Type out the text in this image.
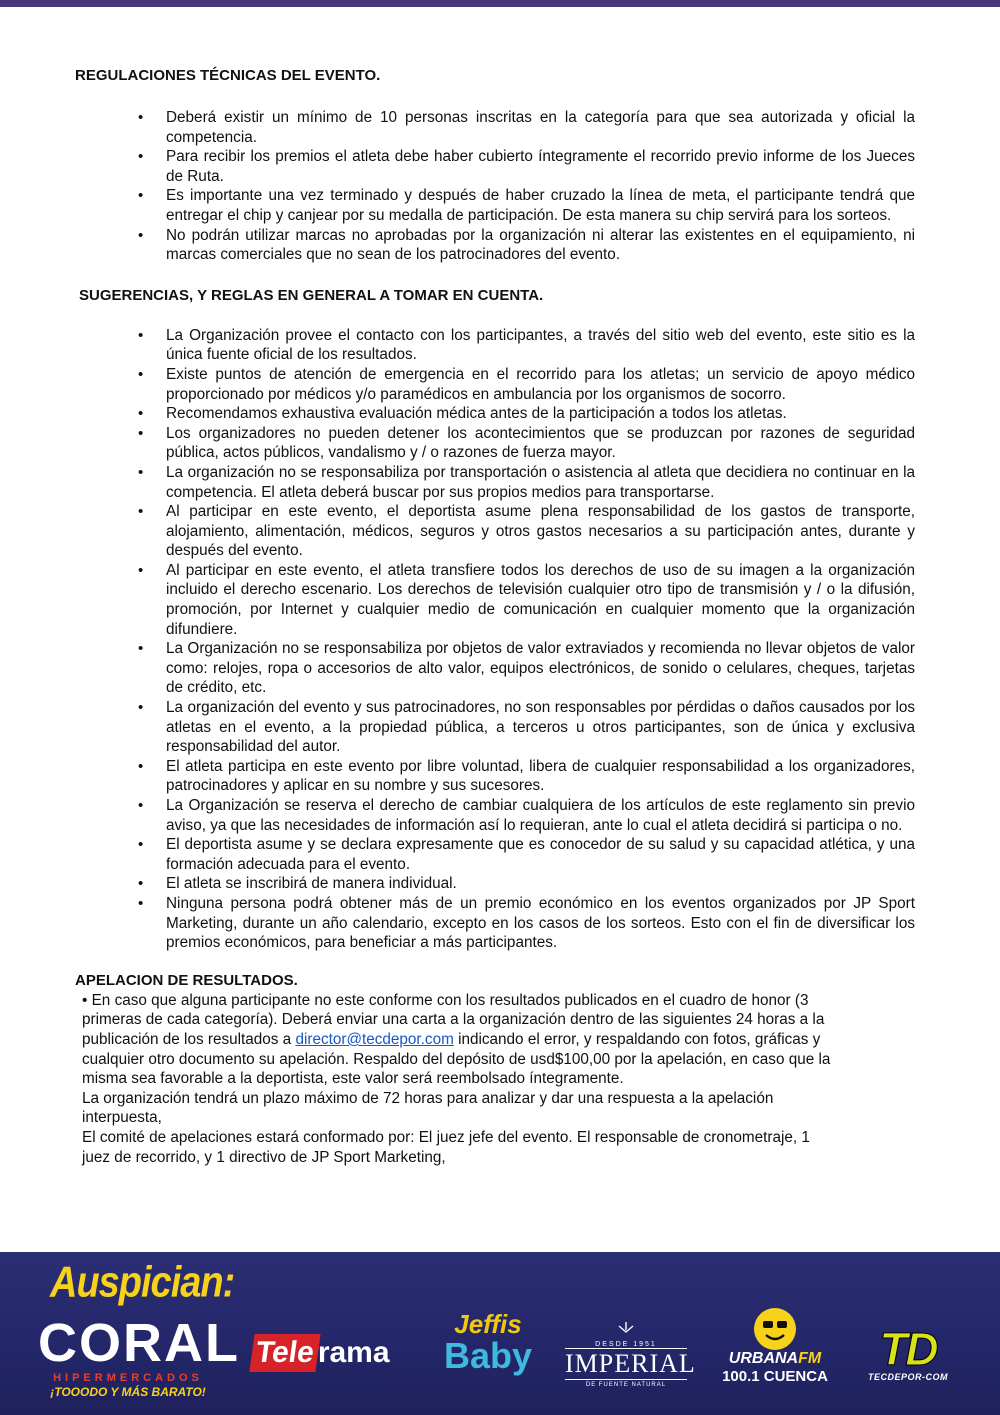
REGULACIONES TÉCNICAS DEL EVENTO.
• Deberá existir un mínimo de 10 personas inscritas en la categoría para que sea autorizada y oficial la competencia.
• Para recibir los premios el atleta debe haber cubierto íntegramente el recorrido previo informe de los Jueces de Ruta.
• Es importante una vez terminado y después de haber cruzado la línea de meta, el participante tendrá que entregar el chip y canjear por su medalla de participación. De esta manera su chip servirá para los sorteos.
• No podrán utilizar marcas no aprobadas por la organización ni alterar las existentes en el equipamiento, ni marcas comerciales que no sean de los patrocinadores del evento.
SUGERENCIAS, Y REGLAS EN GENERAL A TOMAR EN CUENTA.
• La Organización provee el contacto con los participantes, a través del sitio web del evento, este sitio es la única fuente oficial de los resultados.
• Existe puntos de atención de emergencia en el recorrido para los atletas; un servicio de apoyo médico proporcionado por médicos y/o paramédicos en ambulancia por los organismos de socorro.
• Recomendamos exhaustiva evaluación médica antes de la participación a todos los atletas.
• Los organizadores no pueden detener los acontecimientos que se produzcan por razones de seguridad pública, actos públicos, vandalismo y / o razones de fuerza mayor.
• La organización no se responsabiliza por transportación o asistencia al atleta que decidiera no continuar en la competencia. El atleta deberá buscar por sus propios medios para transportarse.
• Al participar en este evento, el deportista asume plena responsabilidad de los gastos de transporte, alojamiento, alimentación, médicos, seguros y otros gastos necesarios a su participación antes, durante y después del evento.
• Al participar en este evento, el atleta transfiere todos los derechos de uso de su imagen a la organización incluido el derecho escenario. Los derechos de televisión cualquier otro tipo de transmisión y / o la difusión, promoción, por Internet y cualquier medio de comunicación en cualquier momento que la organización difundiere.
• La Organización no se responsabiliza por objetos de valor extraviados y recomienda no llevar objetos de valor como: relojes, ropa o accesorios de alto valor, equipos electrónicos, de sonido o celulares, cheques, tarjetas de crédito, etc.
• La organización del evento y sus patrocinadores, no son responsables por pérdidas o daños causados por los atletas en el evento, a la propiedad pública, a terceros u otros participantes, son de única y exclusiva responsabilidad del autor.
• El atleta participa en este evento por libre voluntad, libera de cualquier responsabilidad a los organizadores, patrocinadores y aplicar en su nombre y sus sucesores.
• La Organización se reserva el derecho de cambiar cualquiera de los artículos de este reglamento sin previo aviso, ya que las necesidades de información así lo requieran, ante lo cual el atleta decidirá si participa o no.
• El deportista asume y se declara expresamente que es conocedor de su salud y su capacidad atlética, y una formación adecuada para el evento.
• El atleta se inscribirá de manera individual.
• Ninguna persona podrá obtener más de un premio económico en los eventos organizados por JP Sport Marketing, durante un año calendario, excepto en los casos de los sorteos. Esto con el fin de diversificar los premios económicos, para beneficiar a más participantes.
APELACION DE RESULTADOS.

• En caso que alguna participante no este conforme con los resultados publicados en el cuadro de honor (3 primeras de cada categoría). Deberá enviar una carta a la organización dentro de las siguientes 24 horas a la publicación de los resultados a director@tecdepor.com indicando el error, y respaldando con fotos, gráficas y cualquier otro documento su apelación. Respaldo del depósito de usd$100,00 por la apelación, en caso que la misma sea favorable a la deportista, este valor será reembolsado íntegramente.

La organización tendrá un plazo máximo de 72 horas para analizar y dar una respuesta a la apelación interpuesta,

El comité de apelaciones estará conformado por: El juez jefe del evento. El responsable de cronometraje, 1 juez de recorrido, y 1 directivo de JP Sport Marketing,

Auspician:
CORAL
HIPERMERCADOS
¡TOOODO Y MÁS BARATO!
Telerama
Jeffis
Baby	DESDE 1951
IMPERIAL
DE FUENTE NATURAL
URBANAFM
100.1 CUENCA
TD
TECDEPOR-COM
